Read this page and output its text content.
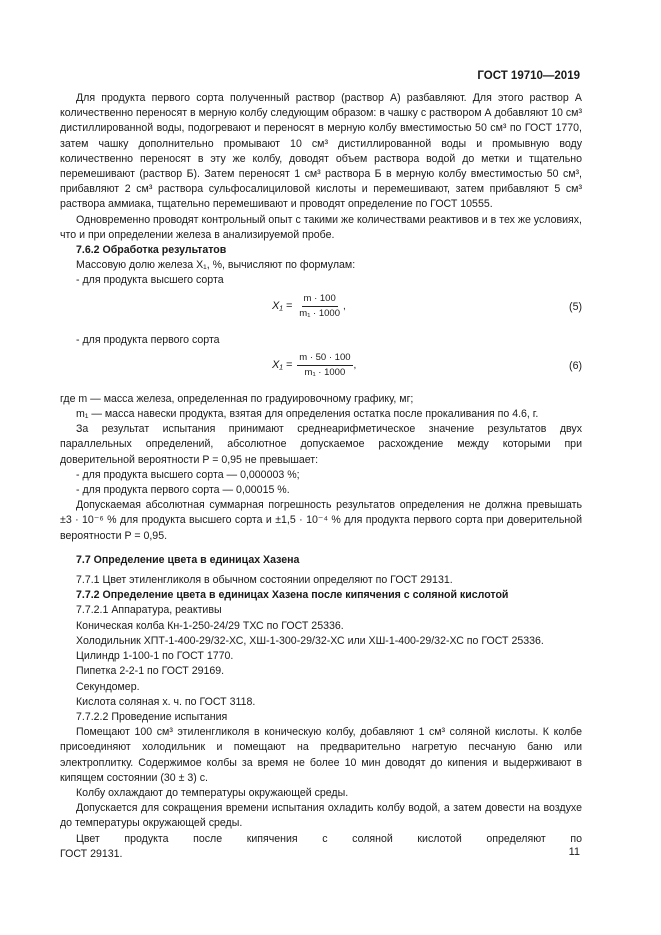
ГОСТ 19710—2019

Для продукта первого сорта полученный раствор (раствор А) разбавляют. Для этого раствор А количественно переносят в мерную колбу следующим образом: в чашку с раствором А добавляют 10 см³ дистиллированной воды, подогревают и переносят в мерную колбу вместимостью 50 см³ по ГОСТ 1770, затем чашку дополнительно промывают 10 см³ дистиллированной воды и промывную воду количественно переносят в эту же колбу, доводят объем раствора водой до метки и тщательно перемешивают (раствор Б). Затем переносят 1 см³ раствора Б в мерную колбу вместимостью 50 см³, прибавляют 2 см³ раствора сульфосалициловой кислоты и перемешивают, затем прибавляют 5 см³ раствора аммиака, тщательно перемешивают и проводят определение по ГОСТ 10555.

Одновременно проводят контрольный опыт с такими же количествами реактивов и в тех же условиях, что и при определении железа в анализируемой пробе.

7.6.2 Обработка результатов

Массовую долю железа X₁, %, вычисляют по формулам:

- для продукта высшего сорта

$X_1 = \frac{m \cdot 100}{\text{m₁ · 1000}}$ ,	(5)

- для продукта первого сорта

$X_1 = \frac{m \cdot 50 \cdot 100}{\text{m₁ · 1000}}$ ,	(6)

где m — масса железа, определенная по градуировочному графику, мг;

m₁ — масса навески продукта, взятая для определения остатка после прокаливания по 4.6, г.

За результат испытания принимают среднеарифметическое значение результатов двух параллельных определений, абсолютное допускаемое расхождение между которыми при доверительной вероятности P = 0,95 не превышает:

- для продукта высшего сорта — 0,000003 %;

- для продукта первого сорта — 0,00015 %.

Допускаемая абсолютная суммарная погрешность результатов определения не должна превышать ±3 · 10⁻⁶ % для продукта высшего сорта и ±1,5 · 10⁻⁴ % для продукта первого сорта при доверительной вероятности P = 0,95.

7.7 Определение цвета в единицах Хазена

7.7.1 Цвет этиленгликоля в обычном состоянии определяют по ГОСТ 29131.

7.7.2 Определение цвета в единицах Хазена после кипячения с соляной кислотой

7.7.2.1 Аппаратура, реактивы

Коническая колба Кн-1-250-24/29 ТХС по ГОСТ 25336.

Холодильник ХПТ-1-400-29/32-ХС, ХШ-1-300-29/32-ХС или ХШ-1-400-29/32-ХС по ГОСТ 25336.

Цилиндр 1-100-1 по ГОСТ 1770.

Пипетка 2-2-1 по ГОСТ 29169.

Секундомер.

Кислота соляная х. ч. по ГОСТ 3118.

7.7.2.2 Проведение испытания

Помещают 100 см³ этиленгликоля в коническую колбу, добавляют 1 см³ соляной кислоты. К колбе присоединяют холодильник и помещают на предварительно нагретую песчаную баню или электроплитку. Содержимое колбы за время не более 10 мин доводят до кипения и выдерживают в кипящем состоянии (30 ± 3) с.

Колбу охлаждают до температуры окружающей среды.

Допускается для сокращения времени испытания охладить колбу водой, а затем довести на воздухе до температуры окружающей среды.

Цвет продукта после кипячения с соляной кислотой определяют по

ГОСТ 29131.	11
